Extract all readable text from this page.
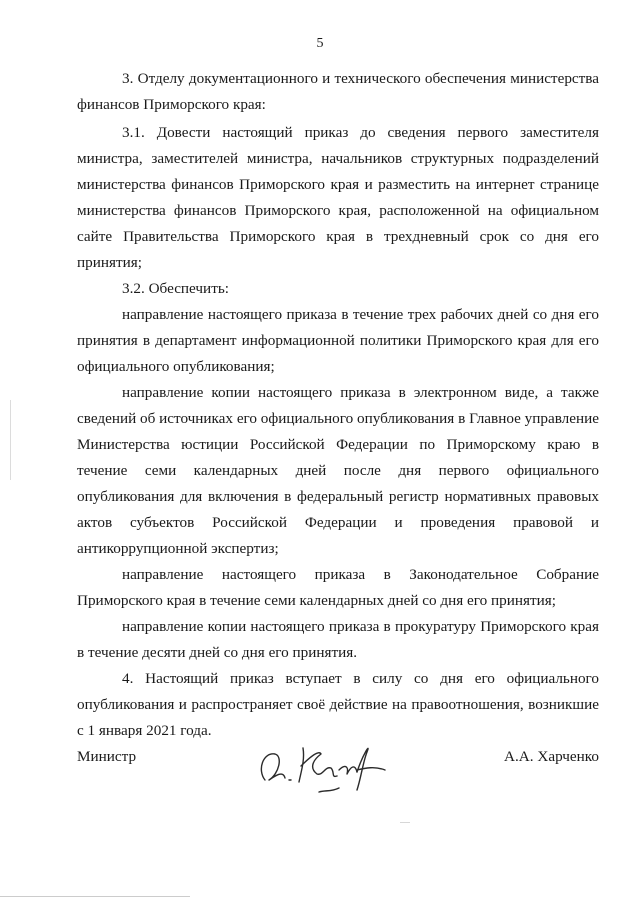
5

3. Отделу документационного и технического обеспечения министерства финансов Приморского края:

3.1. Довести настоящий приказ до сведения первого заместителя министра, заместителей министра, начальников структурных подразделений министерства финансов Приморского края и разместить на интернет странице министерства финансов Приморского края, расположенной на официальном сайте Правительства Приморского края в трехдневный срок со дня его принятия;

3.2. Обеспечить:

направление настоящего приказа в течение трех рабочих дней со дня его принятия в департамент информационной политики Приморского края для его официального опубликования;

направление копии настоящего приказа в электронном виде, а также сведений об источниках его официального опубликования в Главное управление Министерства юстиции Российской Федерации по Приморскому краю в течение семи календарных дней после дня первого официального опубликования для включения в федеральный регистр нормативных правовых актов субъектов Российской Федерации и проведения правовой и антикоррупционной экспертиз;

направление настоящего приказа в Законодательное Собрание Приморского края в течение семи календарных дней со дня его принятия;

направление копии настоящего приказа в прокуратуру Приморского края в течение десяти дней со дня его принятия.

4. Настоящий приказ вступает в силу со дня его официального опубликования и распространяет своё действие на правоотношения, возникшие с 1 января 2021 года.

Министр	А.А. Харченко
